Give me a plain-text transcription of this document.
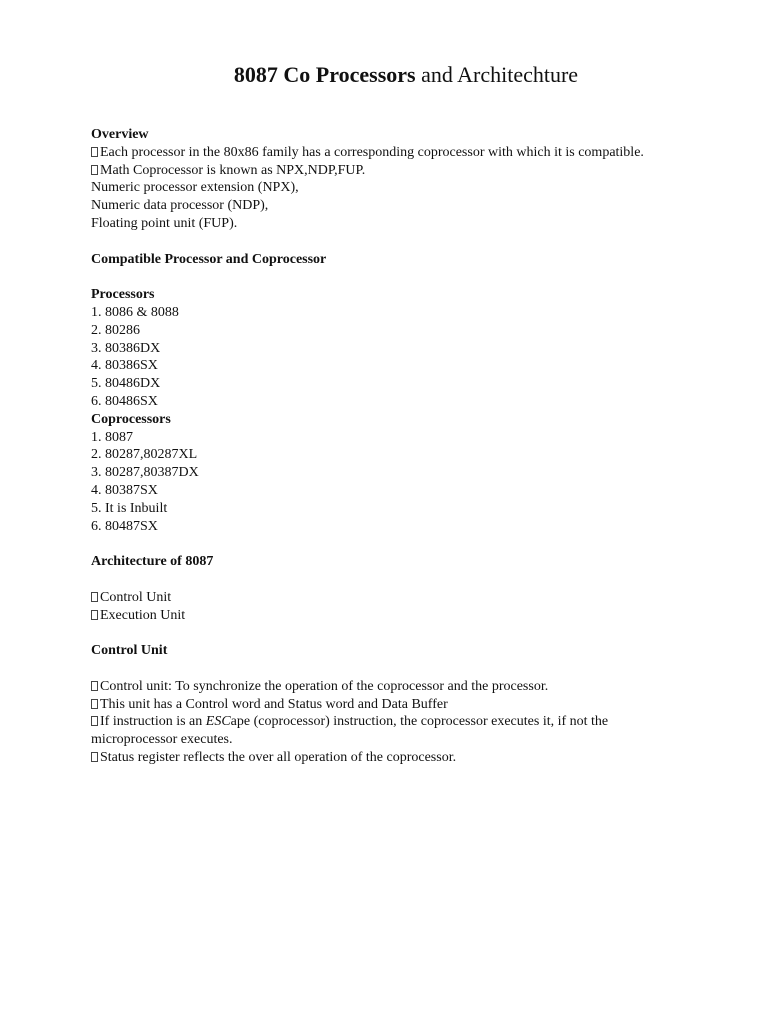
8087 Co Processors and Architechture

Overview

Each processor in the 80x86 family has a corresponding coprocessor with which it is compatible.

Math Coprocessor is known as NPX,NDP,FUP.

Numeric processor extension (NPX),

Numeric data processor (NDP),

Floating point unit (FUP).

Compatible Processor and Coprocessor

Processors

1. 8086 & 8088

2. 80286

3. 80386DX

4. 80386SX

5. 80486DX

6. 80486SX

Coprocessors

1. 8087

2. 80287,80287XL

3. 80287,80387DX

4. 80387SX

5. It is Inbuilt

6. 80487SX

Architecture of 8087

Control Unit

Execution Unit

Control Unit

Control unit: To synchronize the operation of the coprocessor and the processor.

This unit has a Control word and Status word and Data Buffer

If instruction is an ESCape (coprocessor) instruction, the coprocessor executes it, if not the microprocessor executes.

Status register reflects the over all operation of the coprocessor.
